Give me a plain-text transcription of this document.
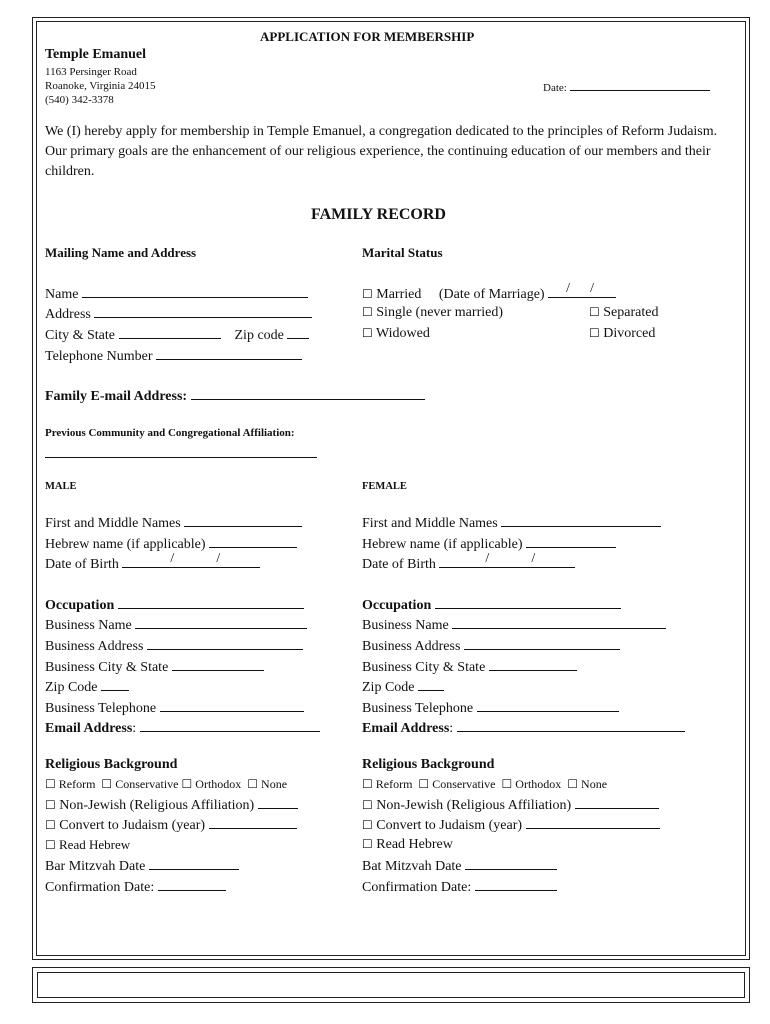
APPLICATION FOR MEMBERSHIP
Temple Emanuel
1163 Persinger Road
Roanoke, Virginia 24015
(540) 342-3378
Date:
We (I) hereby apply for membership in Temple Emanuel, a congregation dedicated to the principles of Reform Judaism. Our primary goals are the enhancement of our religious experience, the continuing education of our members and their children.
FAMILY RECORD
Mailing Name and Address	Marital Status
Name
Address
City & State	Zip code
Telephone Number
☐ Married (Date of Marriage) / /
☐ Single (never married)
☐ Widowed
☐ Separated
☐ Divorced
Family E-mail Address:
Previous Community and Congregational Affiliation:
MALE
First and Middle Names
Hebrew name (if applicable)
Date of Birth	/	/
Occupation
Business Name
Business Address
Business City & State
Zip Code
Business Telephone
Email Address:
Religious Background
☐ Reform ☐ Conservative ☐ Orthodox ☐ None
☐ Non-Jewish (Religious Affiliation)
☐ Convert to Judaism (year)
☐ Read Hebrew
Bar Mitzvah Date
Confirmation Date:
FEMALE
First and Middle Names
Hebrew name (if applicable)
Date of Birth	/	/
Occupation
Business Name
Business Address
Business City & State
Zip Code
Business Telephone
Email Address:
Religious Background
☐ Reform ☐ Conservative ☐ Orthodox ☐ None
☐ Non-Jewish (Religious Affiliation)
☐ Convert to Judaism (year)
☐ Read Hebrew
Bat Mitzvah Date
Confirmation Date:
